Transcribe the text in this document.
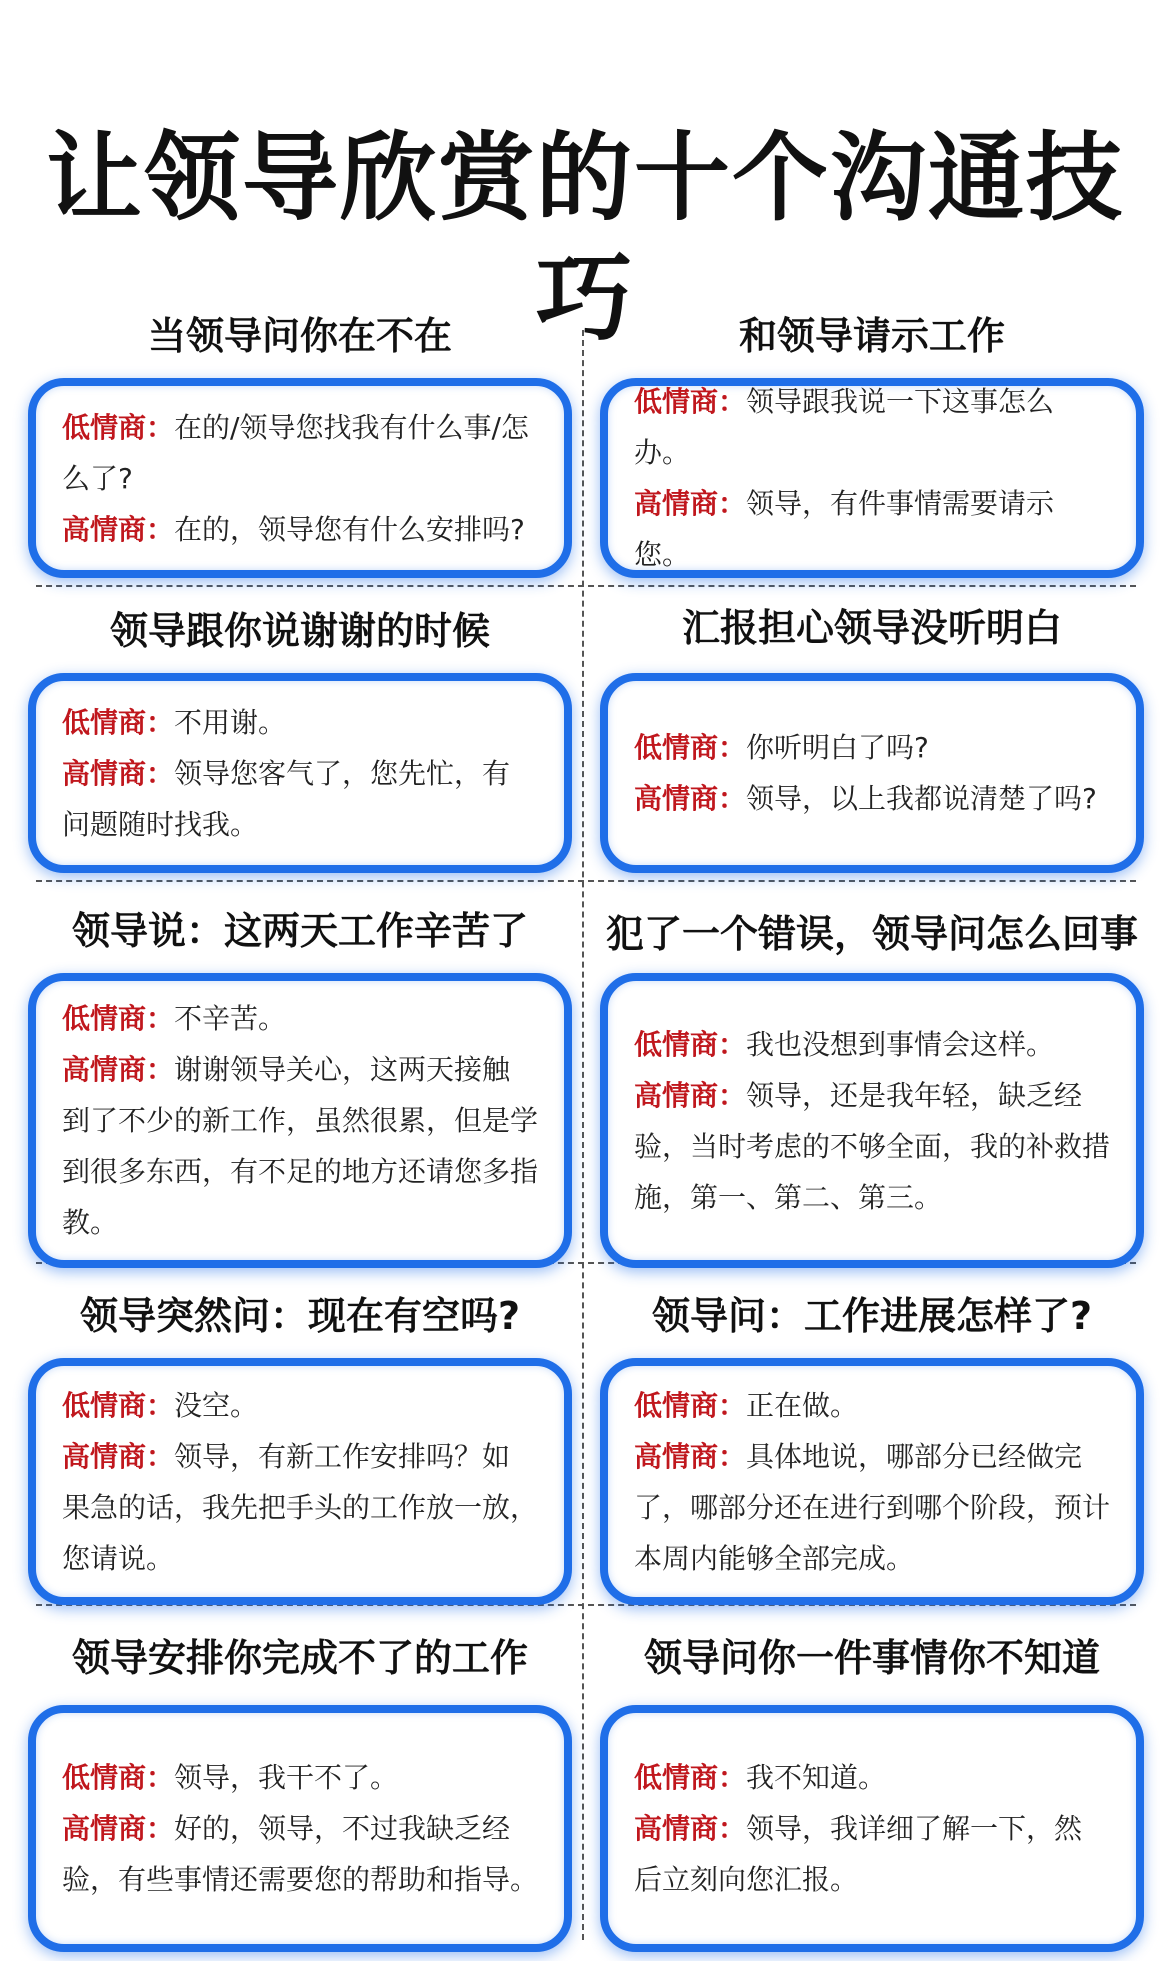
让领导欣赏的十个沟通技巧
当领导问你在不在
低情商：在的/领导您找我有什么事/怎么了?
高情商：在的，领导您有什么安排吗?
和领导请示工作
低情商：领导跟我说一下这事怎么办。
高情商：领导，有件事情需要请示您。
领导跟你说谢谢的时候
低情商：不用谢。
高情商：领导您客气了，您先忙，有问题随时找我。
汇报担心领导没听明白
低情商：你听明白了吗?
高情商：领导，以上我都说清楚了吗?
领导说：这两天工作辛苦了
低情商：不辛苦。
高情商：谢谢领导关心，这两天接触到了不少的新工作，虽然很累，但是学到很多东西，有不足的地方还请您多指教。
犯了一个错误，领导问怎么回事
低情商：我也没想到事情会这样。
高情商：领导，还是我年轻，缺乏经验，当时考虑的不够全面，我的补救措施，第一、第二、第三。
领导突然问：现在有空吗?
低情商：没空。
高情商：领导，有新工作安排吗？如果急的话，我先把手头的工作放一放，您请说。
领导问：工作进展怎样了?
低情商：正在做。
高情商：具体地说，哪部分已经做完了，哪部分还在进行到哪个阶段，预计本周内能够全部完成。
领导安排你完成不了的工作
低情商：领导，我干不了。
高情商：好的，领导，不过我缺乏经验，有些事情还需要您的帮助和指导。
领导问你一件事情你不知道
低情商：我不知道。
高情商：领导，我详细了解一下，然后立刻向您汇报。
